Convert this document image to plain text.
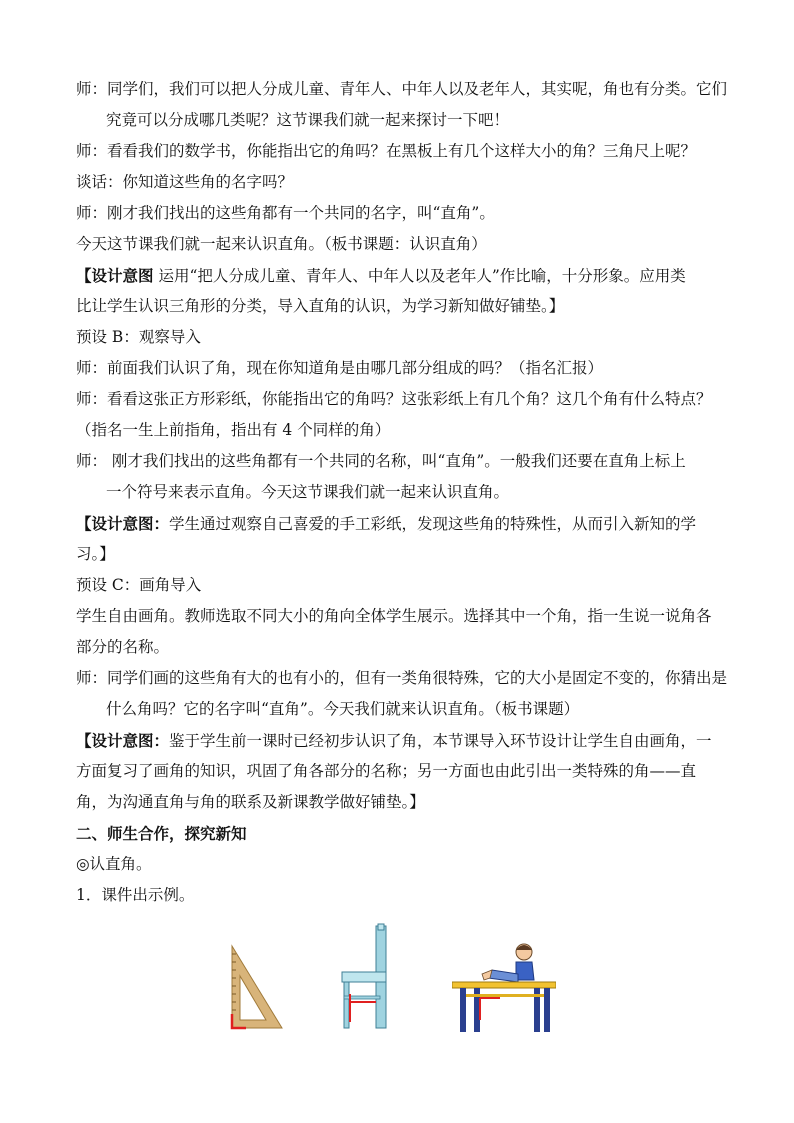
师：同学们，我们可以把人分成儿童、青年人、中年人以及老年人，其实呢，角也有分类。它们
究竟可以分成哪几类呢？这节课我们就一起来探讨一下吧！
师：看看我们的数学书，你能指出它的角吗？在黑板上有几个这样大小的角？三角尺上呢？
谈话：你知道这些角的名字吗？
师：刚才我们找出的这些角都有一个共同的名字，叫“直角”。
今天这节课我们就一起来认识直角。（板书课题：认识直角）
【设计意图 运用“把人分成儿童、青年人、中年人以及老年人”作比喻，十分形象。应用类
比让学生认识三角形的分类，导入直角的认识，为学习新知做好铺垫。】
预设 B：观察导入
师：前面我们认识了角，现在你知道角是由哪几部分组成的吗？（指名汇报）
师：看看这张正方形彩纸，你能指出它的角吗？这张彩纸上有几个角？这几个角有什么特点？
（指名一生上前指角，指出有 4 个同样的角）
师： 刚才我们找出的这些角都有一个共同的名称，叫“直角”。一般我们还要在直角上标上
一个符号来表示直角。今天这节课我们就一起来认识直角。
【设计意图：学生通过观察自己喜爱的手工彩纸，发现这些角的特殊性，从而引入新知的学
习。】
预设 C：画角导入
学生自由画角。教师选取不同大小的角向全体学生展示。选择其中一个角，指一生说一说角各
部分的名称。
师：同学们画的这些角有大的也有小的，但有一类角很特殊，它的大小是固定不变的，你猜出是
什么角吗？它的名字叫“直角”。今天我们就来认识直角。（板书课题）
【设计意图：鉴于学生前一课时已经初步认识了角，本节课导入环节设计让学生自由画角，一
方面复习了画角的知识，巩固了角各部分的名称；另一方面也由此引出一类特殊的角——直
角，为沟通直角与角的联系及新课教学做好铺垫。】
二、师生合作，探究新知
◎认直角。
1．课件出示例。
